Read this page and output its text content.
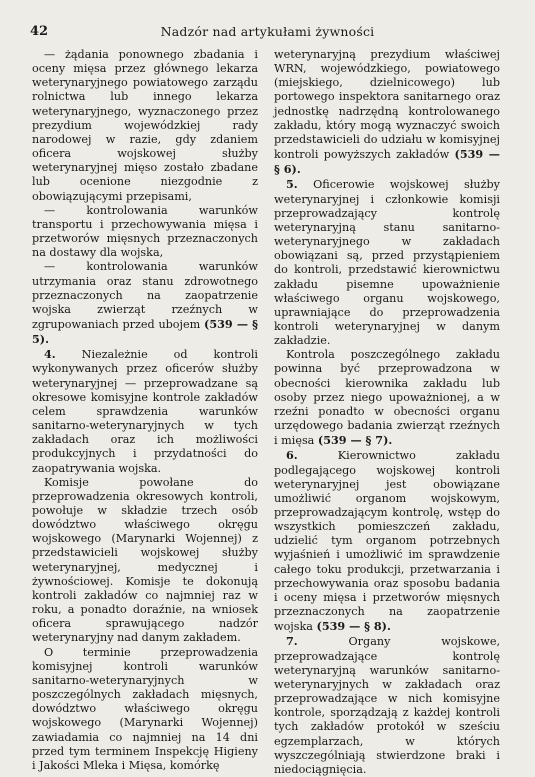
42	Nadzór nad artykułami żywności

— żądania ponownego zbadania i oceny mięsa przez głównego lekarza weterynaryjnego powiatowego zarządu rolnictwa lub innego lekarza weterynaryjnego, wyznaczonego przez prezydium wojewódzkiej rady narodowej w razie, gdy zdaniem oficera wojskowej służby weterynaryjnej mięso zostało zbadane lub ocenione niezgodnie z obowiązującymi przepisami,

— kontrolowania warunków transportu i przechowywania mięsa i przetworów mięsnych przeznaczonych na dostawy dla wojska,

— kontrolowania warunków utrzymania oraz stanu zdrowotnego przeznaczonych na zaopatrzenie wojska zwierząt rzeźnych w zgrupowaniach przed ubojem (539 — § 5).

4. Niezależnie od kontroli wykonywanych przez oficerów służby weterynaryjnej — przeprowadzane są okresowe komisyjne kontrole zakładów celem sprawdzenia warunków sanitarno-weterynaryjnych w tych zakładach oraz ich możliwości produkcyjnych i przydatności do zaopatrywania wojska.

Komisje powołane do przeprowadzenia okresowych kontroli, powołuje w składzie trzech osób dowództwo właściwego okręgu wojskowego (Marynarki Wojennej) z przedstawicieli wojskowej służby weterynaryjnej, medycznej i żywnościowej. Komisje te dokonują kontroli zakładów co najmniej raz w roku, a ponadto doraźnie, na wniosek oficera sprawującego nadzór weterynaryjny nad danym zakładem.

O terminie przeprowadzenia komisyjnej kontroli warunków sanitarno-weterynaryjnych w poszczególnych zakładach mięsnych, dowództwo właściwego okręgu wojskowego (Marynarki Wojennej) zawiadamia co najmniej na 14 dni przed tym terminem Inspekcję Higieny i Jakości Mleka i Mięsa, komórkę

weterynaryjną prezydium właściwej WRN, wojewódzkiego, powiatowego (miejskiego, dzielnicowego) lub portowego inspektora sanitarnego oraz jednostkę nadrzędną kontrolowanego zakładu, który mogą wyznaczyć swoich przedstawicieli do udziału w komisyjnej kontroli powyższych zakładów (539 — § 6).

5. Oficerowie wojskowej służby weterynaryjnej i członkowie komisji przeprowadzający kontrolę weterynaryjną stanu sanitarno-weterynaryjnego w zakładach obowiązani są, przed przystąpieniem do kontroli, przedstawić kierownictwu zakładu pisemne upoważnienie właściwego organu wojskowego, uprawniające do przeprowadzenia kontroli weterynaryjnej w danym zakładzie.

Kontrola poszczególnego zakładu powinna być przeprowadzona w obecności kierownika zakładu lub osoby przez niego upoważnionej, a w rzeźni ponadto w obecności organu urzędowego badania zwierząt rzeźnych i mięsa (539 — § 7).

6. Kierownictwo zakładu podlegającego wojskowej kontroli weterynaryjnej jest obowiązane umożliwić organom wojskowym, przeprowadzającym kontrolę, wstęp do wszystkich pomieszczeń zakładu, udzielić tym organom potrzebnych wyjaśnień i umożliwić im sprawdzenie całego toku produkcji, przetwarzania i przechowywania oraz sposobu badania i oceny mięsa i przetworów mięsnych przeznaczonych na zaopatrzenie wojska (539 — § 8).

7. Organy wojskowe, przeprowadzające kontrolę weterynaryjną warunków sanitarno-weterynaryjnych w zakładach oraz przeprowadzające w nich komisyjne kontrole, sporządzają z każdej kontroli tych zakładów protokół w sześciu egzemplarzach, w których wyszczególniają stwierdzone braki i niedociągnięcia.
